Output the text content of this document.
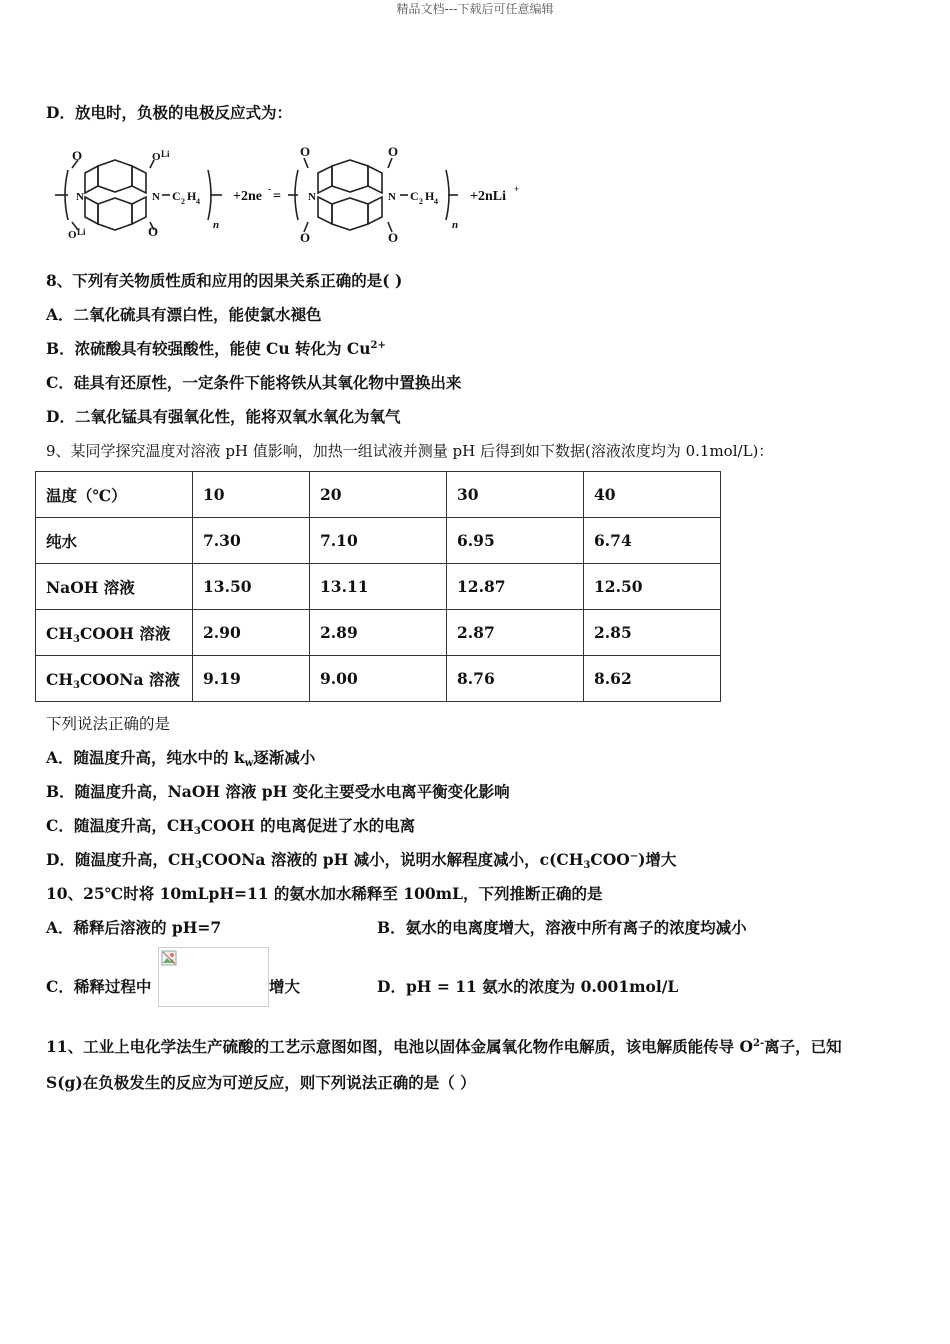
精品文档---下载后可任意编辑
D．放电时，负极的电极反应式为：
O
N
O Li
O Li	O
N C 2 H 4
n
+2ne - =
O
O
O
O
N	N C 2 H 4
n
+2nLi +
8、下列有关物质性质和应用的因果关系正确的是( )
A．二氧化硫具有漂白性，能使氯水褪色
B．浓硫酸具有较强酸性，能使 Cu 转化为 $Cu^{2+}$
C．硅具有还原性，一定条件下能将铁从其氧化物中置换出来
D．二氧化锰具有强氧化性，能将双氧水氧化为氧气
9、某同学探究温度对溶液 pH 值影响，加热一组试液并测量 pH 后得到如下数据(溶液浓度均为 0.1mol/L)：
温度（℃）	10	20	30	40
纯水	7.30	7.10	6.95	6.74
NaOH 溶液	13.50	13.11	12.87	12.50
$CH_3COOH$ 溶液	2.90	2.89	2.87	2.85
$CH_3COONa$ 溶液	9.19	9.00	8.76	8.62
下列说法正确的是
A．随温度升高，纯水中的 $k_w$逐渐减小
B．随温度升高，NaOH 溶液 pH 变化主要受水电离平衡变化影响
C．随温度升高，$CH_3COOH$ 的电离促进了水的电离
D．随温度升高，$CH_3COONa$ 溶液的 pH 减小，说明水解程度减小，$c(CH_3COO^-)$增大
10、25℃时将 10mLpH=11 的氨水加水稀释至 100mL，下列推断正确的是
A．稀释后溶液的 pH=7	B．氨水的电离度增大，溶液中所有离子的浓度均减小
C．稀释过程中	增大	D．pH = 11 氨水的浓度为 0.001mol/L
11、工业上电化学法生产硫酸的工艺示意图如图，电池以固体金属氧化物作电解质，该电解质能传导 $O^{2-}$离子，已知
S(g)在负极发生的反应为可逆反应，则下列说法正确的是（ ）
